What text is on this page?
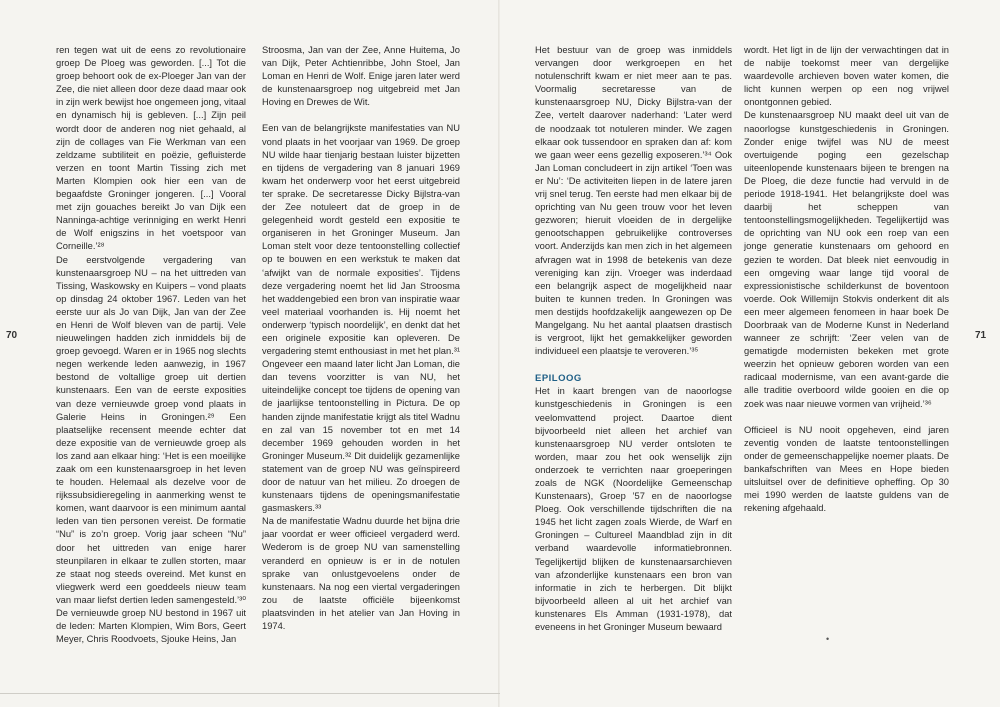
70

ren tegen wat uit de eens zo revolutionaire groep De Ploeg was geworden. [...] Tot die groep behoort ook de ex-Ploeger Jan van der Zee, die niet alleen door deze daad maar ook in zijn werk bewijst hoe ongemeen jong, vitaal en dynamisch hij is gebleven. [...] Zijn peil wordt door de anderen nog niet gehaald, al zijn de collages van Fie Werkman van een zeldzame subtiliteit en poëzie, gefluisterde verzen en toont Martin Tissing zich met Marten Klompien ook hier een van de begaafdste Groninger jongeren. [...] Vooral met zijn gouaches bereikt Jo van Dijk een Nanninga-achtige verinniging en werkt Henri de Wolf enigszins in het voetspoor van Corneille.’²⁸

De eerstvolgende vergadering van kunstenaarsgroep NU – na het uittreden van Tissing, Waskowsky en Kuipers – vond plaats op dinsdag 24 oktober 1967. Leden van het eerste uur als Jo van Dijk, Jan van der Zee en Henri de Wolf bleven van de partij. Vele nieuwelingen hadden zich inmiddels bij de groep gevoegd. Waren er in 1965 nog slechts negen werkende leden aanwezig, in 1967 bestond de voltallige groep uit dertien kunstenaars. Een van de eerste exposities van deze vernieuwde groep vond plaats in Galerie Heins in Groningen.²⁹ Een plaatselijke recensent meende echter dat deze expositie van de vernieuwde groep als los zand aan elkaar hing: ‘Het is een moeilijke zaak om een kunstenaarsgroep in het leven te houden. Helemaal als dezelve voor de rijkssubsidieregeling in aanmerking wenst te komen, want daarvoor is een minimum aantal leden van tien personen vereist. De formatie “Nu” is zo’n groep. Vorig jaar scheen “Nu” door het uittreden van enige harer steunpilaren in elkaar te zullen storten, maar ze staat nog steeds overeind. Met kunst en vliegwerk werd een goeddeels nieuw team van maar liefst dertien leden samengesteld.’³⁰ De vernieuwde groep NU bestond in 1967 uit de leden: Marten Klompien, Wim Bors, Geert Meyer, Chris Roodvoets, Sjouke Heins, Jan

Stroosma, Jan van der Zee, Anne Huitema, Jo van Dijk, Peter Achtienribbe, John Stoel, Jan Loman en Henri de Wolf. Enige jaren later werd de kunstenaarsgroep nog uitgebreid met Jan Hoving en Drewes de Wit.

Een van de belangrijkste manifestaties van NU vond plaats in het voorjaar van 1969. De groep NU wilde haar tienjarig bestaan luister bijzetten en tijdens de vergadering van 8 januari 1969 kwam het onderwerp voor het eerst uitgebreid ter sprake. De secretaresse Dicky Bijlstra-van der Zee notuleert dat de groep in de gelegenheid wordt gesteld een expositie te organiseren in het Groninger Museum. Jan Loman stelt voor deze tentoonstelling collectief op te bouwen en een werkstuk te maken dat ‘afwijkt van de normale exposities’. Tijdens deze vergadering noemt het lid Jan Stroosma het waddengebied een bron van inspiratie waar veel materiaal voorhanden is. Hij noemt het onderwerp ‘typisch noordelijk’, en denkt dat het een originele expositie kan opleveren. De vergadering stemt enthousiast in met het plan.³¹ Ongeveer een maand later licht Jan Loman, die dan tevens voorzitter is van NU, het uiteindelijke concept toe tijdens de opening van de jaarlijkse tentoonstelling in Pictura. De op handen zijnde manifestatie krijgt als titel Wadnu en zal van 15 november tot en met 14 december 1969 gehouden worden in het Groninger Museum.³² Dit duidelijk gezamenlijke statement van de groep NU was geïnspireerd door de natuur van het milieu. Zo droegen de kunstenaars tijdens de openingsmanifestatie gasmaskers.³³

Na de manifestatie Wadnu duurde het bijna drie jaar voordat er weer officieel vergaderd werd. Wederom is de groep NU van samenstelling veranderd en opnieuw is er in de notulen sprake van onlustgevoelens onder de kunstenaars. Na nog een viertal vergaderingen zou de laatste officiële bijeenkomst plaatsvinden in het atelier van Jan Hoving in 1974.

Het bestuur van de groep was inmiddels vervangen door werkgroepen en het notulenschrift kwam er niet meer aan te pas. Voormalig secretaresse van de kunstenaarsgroep NU, Dicky Bijlstra-van der Zee, vertelt daarover naderhand: ‘Later werd de noodzaak tot notuleren minder. We zagen elkaar ook tussendoor en spraken dan af: kom we gaan weer eens gezellig exposeren.’³⁴ Ook Jan Loman concludeert in zijn artikel ‘Toen was er Nu’: ‘De activiteiten liepen in de latere jaren vrij snel terug. Ten eerste had men elkaar bij de oprichting van Nu geen trouw voor het leven gezworen; hieruit vloeiden de in dergelijke genootschappen gebruikelijke controverses voort. Anderzijds kan men zich in het algemeen afvragen wat in 1998 de betekenis van deze vereniging kan zijn. Vroeger was inderdaad een belangrijk aspect de mogelijkheid naar buiten te kunnen treden. In Groningen was men destijds hoofdzakelijk aangewezen op De Mangelgang. Nu het aantal plaatsen drastisch is vergroot, lijkt het gemakkelijker geworden individueel een plaatsje te veroveren.’³⁵

EPILOOG

Het in kaart brengen van de naoorlogse kunstgeschiedenis in Groningen is een veelomvattend project. Daartoe dient bijvoorbeeld niet alleen het archief van kunstenaarsgroep NU verder ontsloten te worden, maar zou het ook wenselijk zijn onderzoek te verrichten naar groeperingen zoals de NGK (Noordelijke Gemeenschap Kunstenaars), Groep ’57 en de naoorlogse Ploeg. Ook verschillende tijdschriften die na 1945 het licht zagen zoals Wierde, de Warf en Groningen – Cultureel Maandblad zijn in dit verband waardevolle informatiebronnen. Tegelijkertijd blijken de kunstenaarsarchieven van afzonderlijke kunstenaars een bron van informatie in zich te herbergen. Dit blijkt bijvoorbeeld alleen al uit het archief van kunstenares Els Amman (1931-1978), dat eveneens in het Groninger Museum bewaard

wordt. Het ligt in de lijn der verwachtingen dat in de nabije toekomst meer van dergelijke waardevolle archieven boven water komen, die licht kunnen werpen op een nog vrijwel onontgonnen gebied.

De kunstenaarsgroep NU maakt deel uit van de naoorlogse kunstgeschiedenis in Groningen. Zonder enige twijfel was NU de meest overtuigende poging een gezelschap uiteenlopende kunstenaars bijeen te brengen na De Ploeg, die deze functie had vervuld in de periode 1918-1941. Het belangrijkste doel was daarbij het scheppen van tentoonstellingsmogelijkheden. Tegelijkertijd was de oprichting van NU ook een roep van een jonge generatie kunstenaars om gehoord en gezien te worden. Dat bleek niet eenvoudig in een omgeving waar lange tijd vooral de expressionistische schilderkunst de boventoon voerde. Ook Willemijn Stokvis onderkent dit als een meer algemeen fenomeen in haar boek De Doorbraak van de Moderne Kunst in Nederland wanneer ze schrijft: ‘Zeer velen van de gematigde modernisten bekeken met grote weerzin het opnieuw geboren worden van een radicaal modernisme, van een avant-garde die alle traditie overboord wilde gooien en die op zoek was naar nieuwe vormen van vrijheid.’³⁶

Officieel is NU nooit opgeheven, eind jaren zeventig vonden de laatste tentoonstellingen onder de gemeenschappelijke noemer plaats. De bankafschriften van Mees en Hope bieden uitsluitsel over de definitieve opheffing. Op 30 mei 1990 werden de laatste guldens van de rekening afgehaald.

71
•
